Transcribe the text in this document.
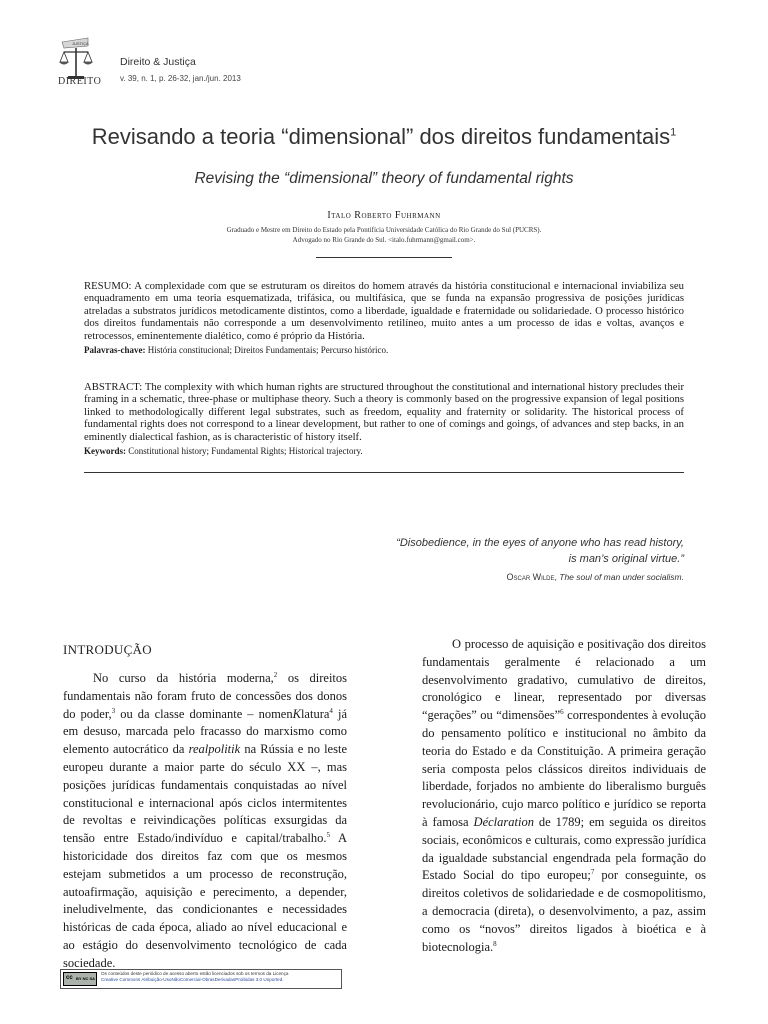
JUSTIÇA
DIREITO
Direito & Justiça
v. 39, n. 1, p. 26-32, jan./jun. 2013
Revisando a teoria “dimensional” dos direitos fundamentais$^1$
Revising the “dimensional” theory of fundamental rights
Italo Roberto Fuhrmann
Graduado e Mestre em Direito do Estado pela Pontifícia Universidade Católica do Rio Grande do Sul (PUCRS).
Advogado no Rio Grande do Sul. <italo.fuhrmann@gmail.com>.
RESUMO: A complexidade com que se estruturam os direitos do homem através da história constitucional e internacional inviabiliza seu enquadramento em uma teoria esquematizada, trifásica, ou multifásica, que se funda na expansão progressiva de posições jurídicas atreladas a substratos jurídicos metodicamente distintos, como a liberdade, igualdade e fraternidade ou solidariedade. O processo histórico dos direitos fundamentais não corresponde a um desenvolvimento retilíneo, muito antes a um processo de idas e voltas, avanços e retrocessos, eminentemente dialético, como é próprio da História.
Palavras-chave: História constitucional; Direitos Fundamentais; Percurso histórico.
ABSTRACT: The complexity with which human rights are structured throughout the constitutional and international history precludes their framing in a schematic, three-phase or multiphase theory. Such a theory is commonly based on the progressive expansion of legal positions linked to methodologically different legal substrates, such as freedom, equality and fraternity or solidarity. The historical process of fundamental rights does not correspond to a linear development, but rather to one of comings and goings, of advances and step backs, in an eminently dialectical fashion, as is characteristic of history itself.
Keywords: Constitutional history; Fundamental Rights; Historical trajectory.
“Disobedience, in the eyes of anyone who has read history,
is man’s original virtue.”
Oscar Wilde, The soul of man under socialism.
INTRODUÇÃO

No curso da história moderna,$^2$ os direitos fundamentais não foram fruto de concessões dos donos do poder,$^3$ ou da classe dominante – nomenKlatura$^4$ já em desuso, marcada pelo fracasso do marxismo como elemento autocrático da realpolitik na Rússia e no leste europeu durante a maior parte do século XX –, mas posições jurídicas fundamentais conquistadas ao nível constitucional e internacional após ciclos intermitentes de revoltas e reivindicações políticas exsurgidas da tensão entre Estado/indivíduo e capital/trabalho.$^5$ A historicidade dos direitos faz com que os mesmos estejam submetidos a um processo de reconstrução, autoafirmação, aquisição e perecimento, a depender, ineludivelmente, das condicionantes e necessidades históricas de cada época, aliado ao nível educacional e ao estágio do desenvolvimento tecnológico de cada sociedade.

O processo de aquisição e positivação dos direitos fundamentais geralmente é relacionado a um desenvolvimento gradativo, cumulativo de direitos, cronológico e linear, representado por diversas “gerações” ou “dimensões”$^6$ correspondentes à evolução do pensamento político e institucional no âmbito da teoria do Estado e da Constituição. A primeira geração seria composta pelos clássicos direitos individuais de liberdade, forjados no ambiente do liberalismo burguês revolucionário, cujo marco político e jurídico se reporta à famosa Déclaration de 1789; em seguida os direitos sociais, econômicos e culturais, como expressão jurídica da igualdade substancial engendrada pela formação do Estado Social do tipo europeu;$^7$ por conseguinte, os direitos coletivos de solidariedade e de cosmopolitismo, a democracia (direta), o desenvolvimento, a paz, assim como os “novos” direitos ligados à bioética e à biotecnologia.$^8$

cc BY NC SA
Os conteúdos deste periódico de acesso aberto estão licenciados sob os termos da Licença
Creative Commons Atribuição-UsoNãoComercial-ObrasDerivadasProibidas 3.0 Unported.
